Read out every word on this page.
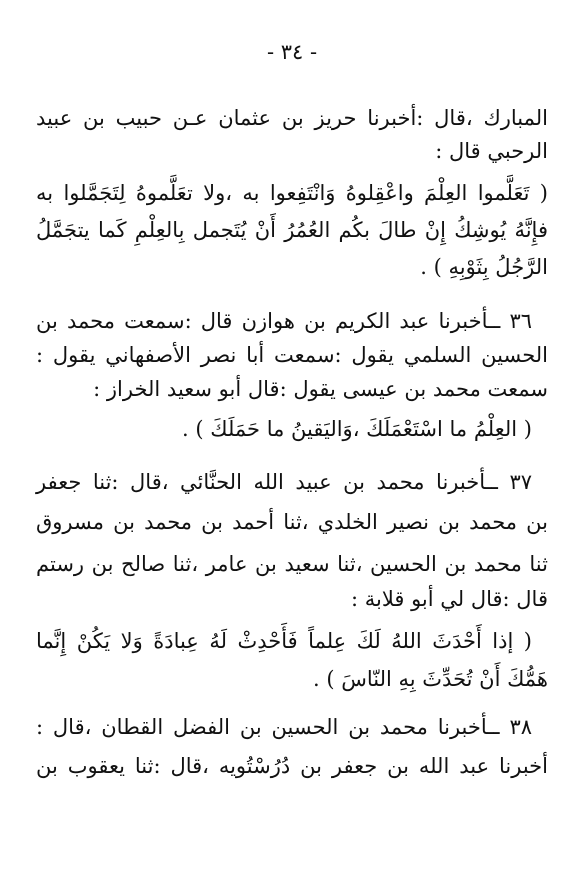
- ٣٤ -
المبارك ،قال :أخبرنا حريز بن عثمان عـن حبيب بن عبيد
الرحبي قال :
( تَعَلَّموا العِلْمَ واعْقِلوهُ وَانْتَفِعوا به ،ولا تعَلَّموهُ لِتَجَمَّلوا به
فإِنَّهُ يُوشِكُ إِنْ طالَ بكُم العُمُرُ أَنْ يُتَجمل بِالعِلْمِ كَما يتجَمَّلُ
الرَّجُلُ بِثَوْبِهِ ) .
٣٦ ــأخبرنا عبد الكريم بن هوازن قال :سمعت محمد بن
الحسين السلمي يقول :سمعت أبا نصر الأصفهاني يقول :
سمعت محمد بن عيسى يقول :قال أبو سعيد الخراز :
( العِلْمُ ما اسْتَعْمَلَكَ ،وَاليَقينُ ما حَمَلَكَ ) .
٣٧ ــأخبرنا محمد بن عبيد الله الحنَّائي ،قال :ثنا جعفر
بن محمد بن نصير الخلدي ،ثنا أحمد بن محمد بن مسروق
ثنا محمد بن الحسين ،ثنا سعيد بن عامر ،ثنا صالح بن رستم
قال :قال لي أبو قلابة :
( إذا أَحْدَثَ اللهُ لَكَ عِلماً فَأَحْدِثْ لَهُ عِبادَةً وَلا يَكُنْ إِنَّما
هَمُّكَ أَنْ تُحَدِّثَ بِهِ النّاسَ ) .
٣٨ ــأخبرنا محمد بن الحسين بن الفضل القطان ،قال :
أخبرنا عبد الله بن جعفر بن دُرُسْتُويه ،قال :ثنا يعقوب بن
